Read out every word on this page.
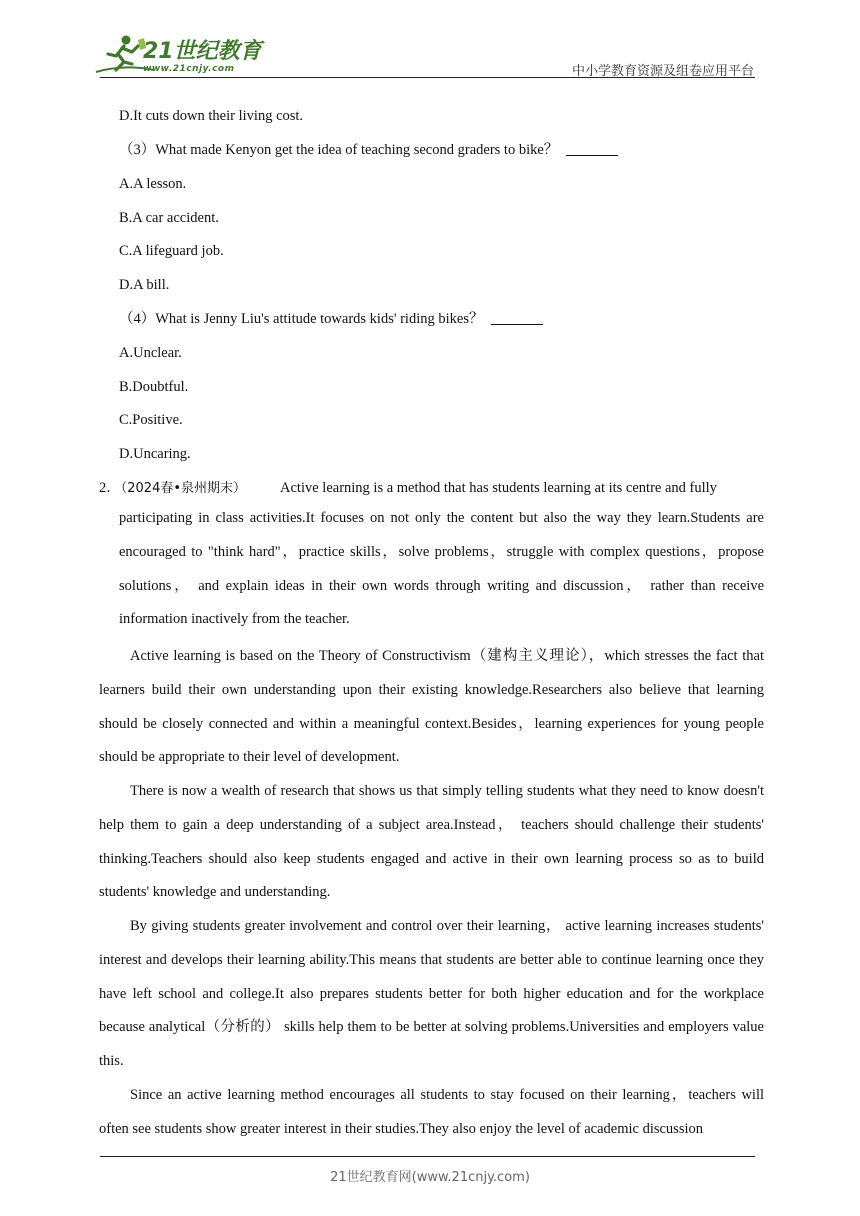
21世纪教育
www.21cnjy.com	中小学教育资源及组卷应用平台
D.It cuts down their living cost.
（3）What made Kenyon get the idea of teaching second graders to bike？
A.A lesson.
B.A car accident.
C.A lifeguard job.
D.A bill.
（4）What is Jenny Liu's attitude towards kids' riding bikes？
A.Unclear.
B.Doubtful.
C.Positive.
D.Uncaring.
2．（2024春•泉州期末） Active learning is a method that has students learning at its centre and fully
participating in class activities.It focuses on not only the content but also the way they learn.Students are encouraged to "think hard"，practice skills，solve problems，struggle with complex questions，propose solutions， and explain ideas in their own words through writing and discussion， rather than receive information inactively from the teacher.
Active learning is based on the Theory of Constructivism（建构主义理论），which stresses the fact that learners build their own understanding upon their existing knowledge.Researchers also believe that learning should be closely connected and within a meaningful context.Besides，learning experiences for young people should be appropriate to their level of development.
There is now a wealth of research that shows us that simply telling students what they need to know doesn't help them to gain a deep understanding of a subject area.Instead， teachers should challenge their students' thinking.Teachers should also keep students engaged and active in their own learning process so as to build students' knowledge and understanding.
By giving students greater involvement and control over their learning， active learning increases students' interest and develops their learning ability.This means that students are better able to continue learning once they have left school and college.It also prepares students better for both higher education and for the workplace because analytical（分析的） skills help them to be better at solving problems.Universities and employers value this.
Since an active learning method encourages all students to stay focused on their learning，teachers will often see students show greater interest in their studies.They also enjoy the level of academic discussion
21世纪教育网(www.21cnjy.com)
